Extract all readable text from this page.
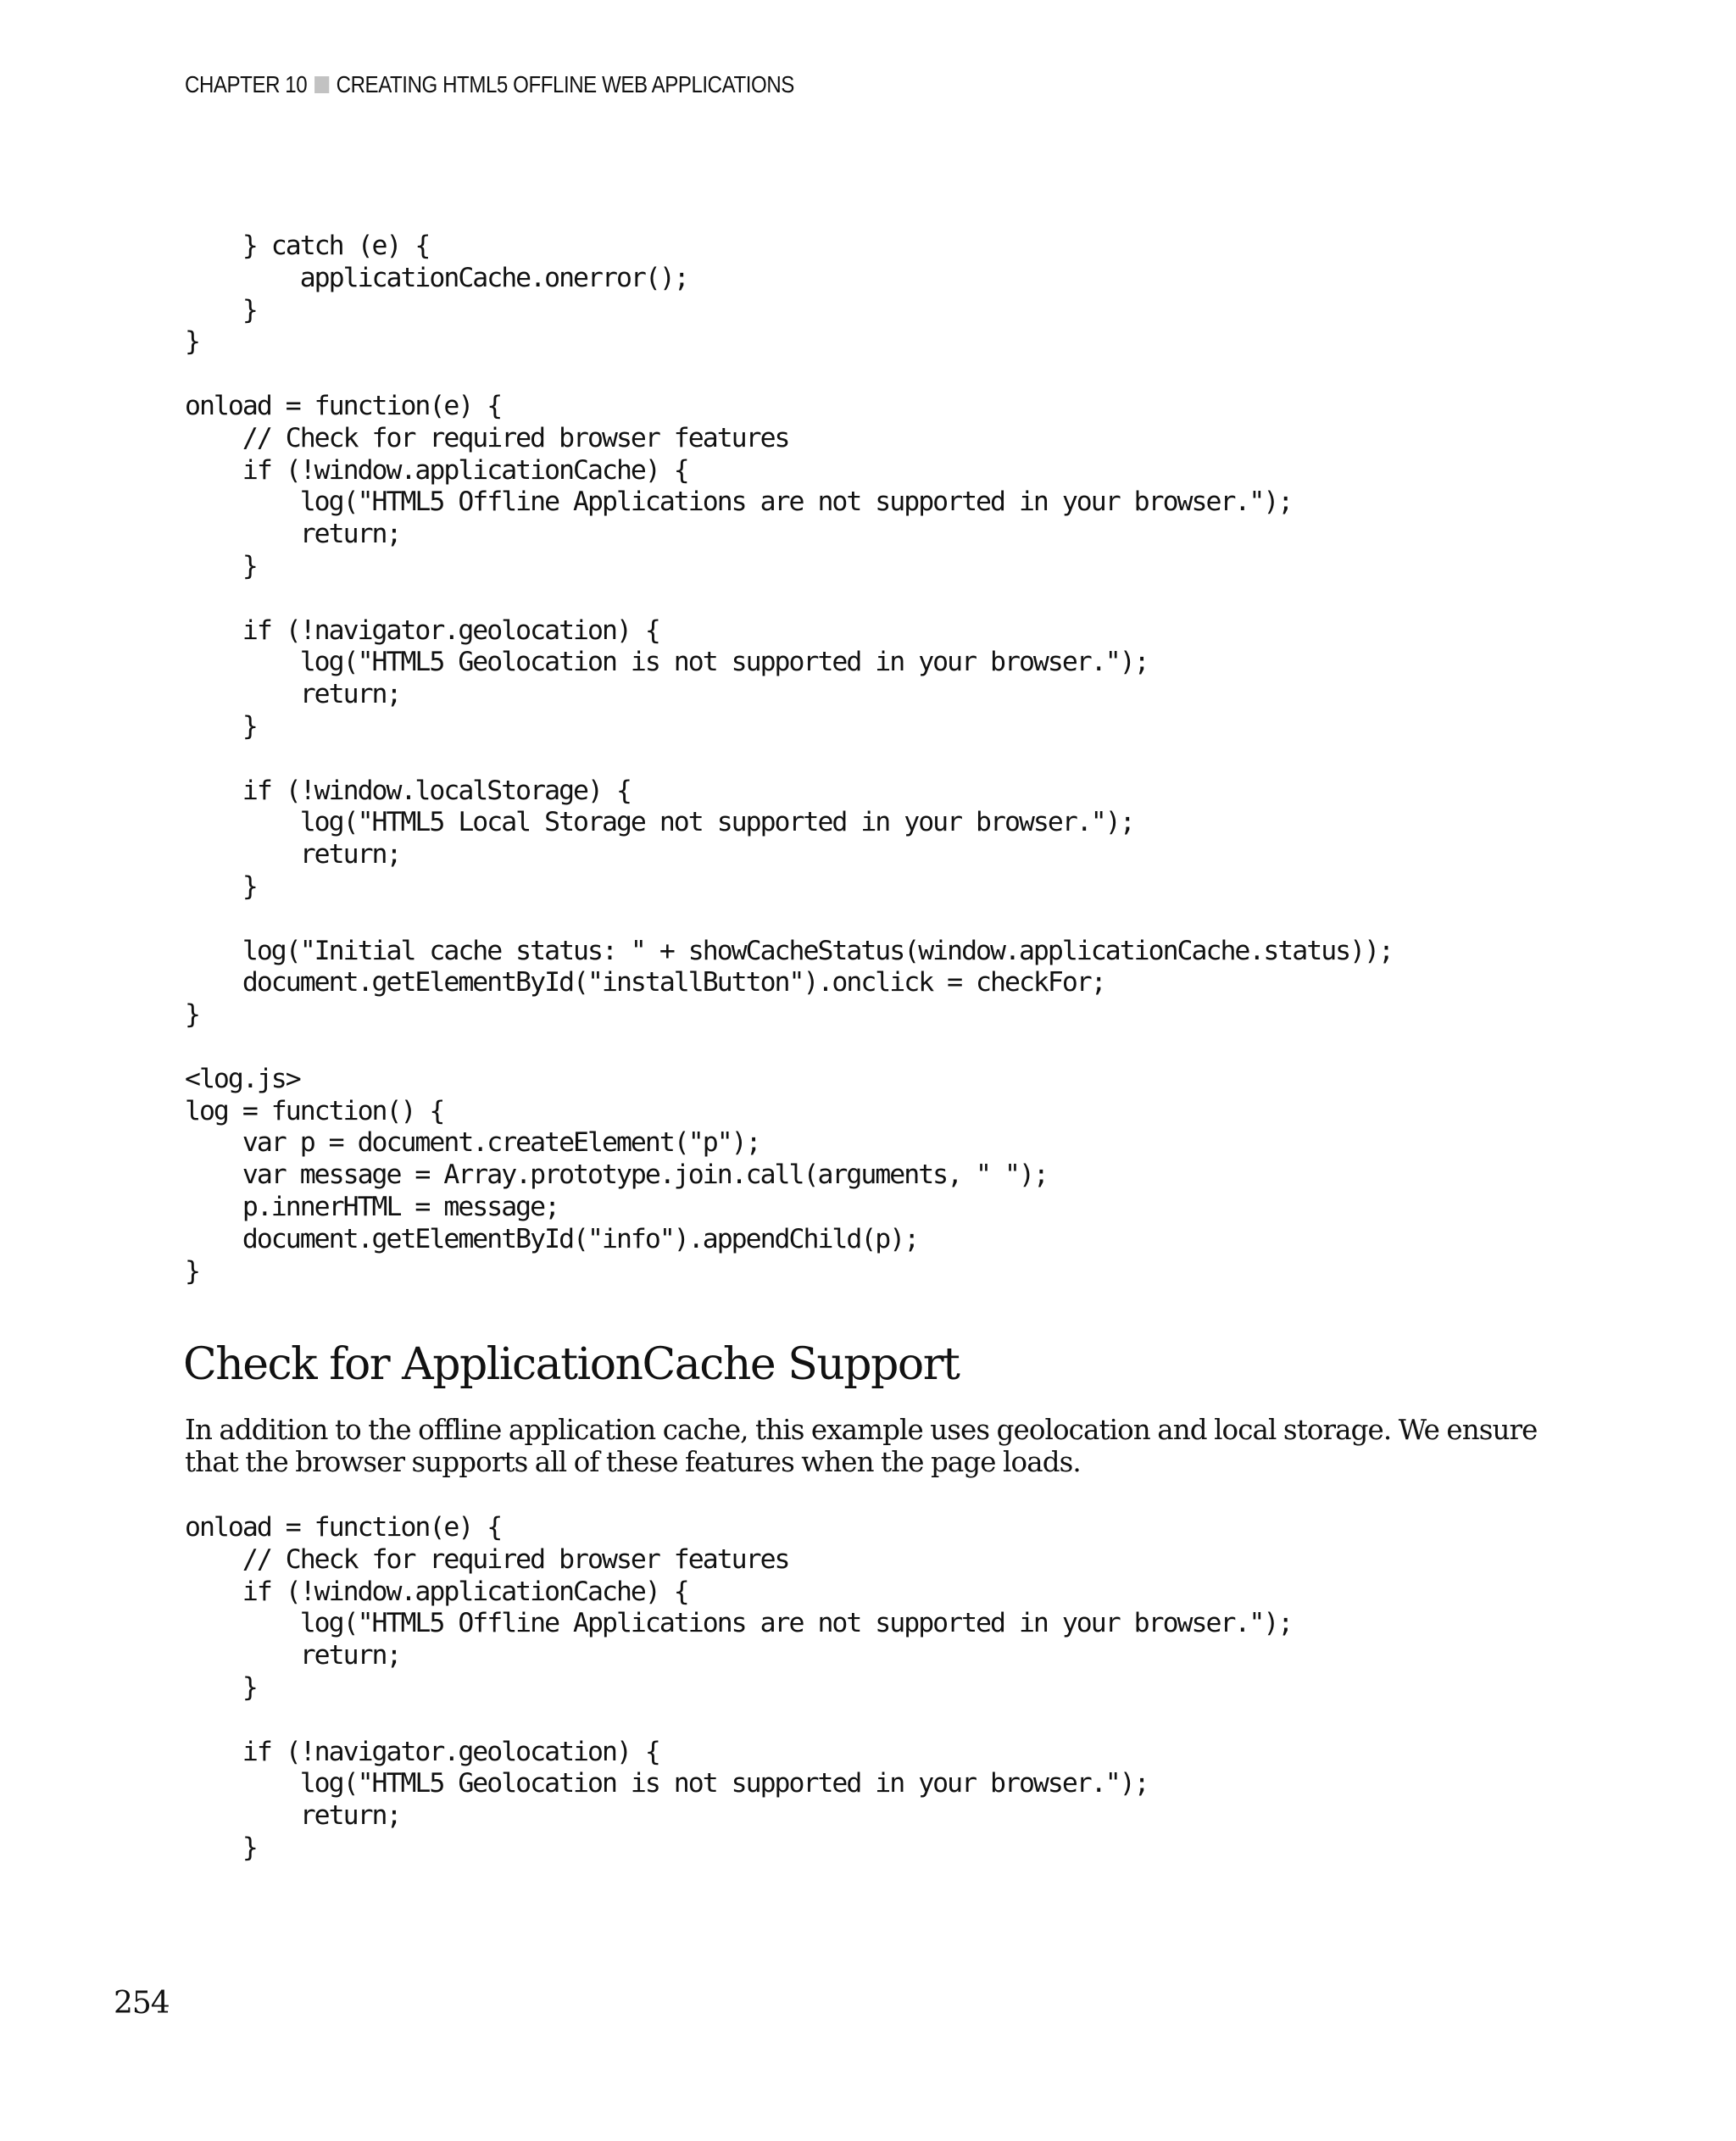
CHAPTER 10 CREATING HTML5 OFFLINE WEB APPLICATIONS
} catch (e) {
applicationCache.onerror();
}
}

onload = function(e) {
// Check for required browser features
if (!window.applicationCache) {
log("HTML5 Offline Applications are not supported in your browser.");
return;
}

if (!navigator.geolocation) {
log("HTML5 Geolocation is not supported in your browser.");
return;
}

if (!window.localStorage) {
log("HTML5 Local Storage not supported in your browser.");
return;
}

log("Initial cache status: " + showCacheStatus(window.applicationCache.status));
document.getElementById("installButton").onclick = checkFor;
}

<log.js>
log = function() {
var p = document.createElement("p");
var message = Array.prototype.join.call(arguments, " ");
p.innerHTML = message;
document.getElementById("info").appendChild(p);
}
Check for ApplicationCache Support

In addition to the offline application cache, this example uses geolocation and local storage. We ensure that the browser supports all of these features when the page loads.

onload = function(e) {
// Check for required browser features
if (!window.applicationCache) {
log("HTML5 Offline Applications are not supported in your browser.");
return;
}

if (!navigator.geolocation) {
log("HTML5 Geolocation is not supported in your browser.");
return;
}
254
